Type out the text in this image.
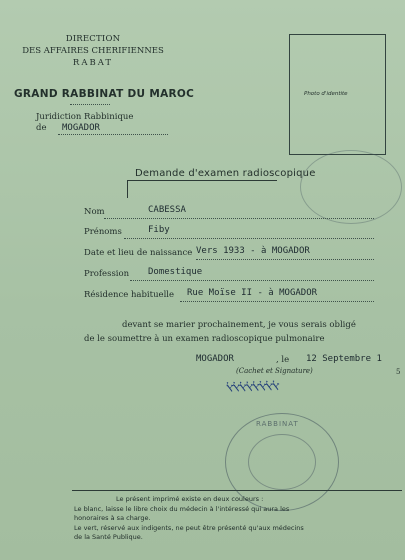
DIRECTION
DES AFFAIRES CHERIFIENNES
RABAT
GRAND RABBINAT DU MAROC
Juridiction Rabbinique
de MOGADOR
Photo d'identite
Demande d'examen radioscopique
Nom	CABESSA
Prénoms	Fiby
Date et lieu de naissance Vers 1933 - à MOGADOR
Profession Domestique
Résidence habituelle Rue Moïse II - à MOGADOR
devant se marier prochainement, je vous serais obligé
de le soumettre à un examen radioscopique pulmonaire
MOGADOR	, le 12 Septembre 1
(Cachet et Signature)	5
ﭏﭏﭏﭏﭏﭏﭏﭏ
RABBINAT
Le présent imprimé existe en deux couleurs :
Le blanc, laisse le libre choix du médecin à l'intéressé qui aura les
honoraires à sa charge.
Le vert, réservé aux indigents, ne peut être présenté qu'aux médecins
de la Santé Publique.
